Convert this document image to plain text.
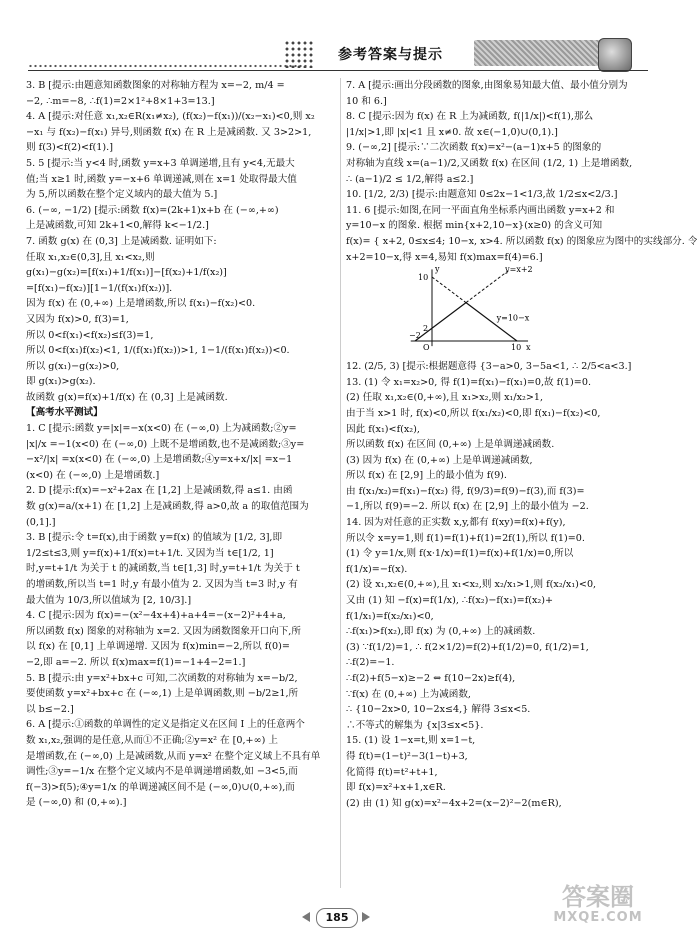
参考答案与提示
3. B [提示:由题意知函数图象的对称轴方程为 x=−2, m/4 =
−2, ∴m=−8, ∴f(1)=2×1²+8×1+3=13.]
4. A [提示:对任意 x₁,x₂∈R(x₁≠x₂), (f(x₂)−f(x₁))/(x₂−x₁)<0,则 x₂
−x₁ 与 f(x₂)−f(x₁) 异号,则函数 f(x) 在 R 上是减函数. 又 3>2>1,
则 f(3)<f(2)<f(1).]
5. 5 [提示:当 y<4 时,函数 y=x+3 单调递增,且有 y<4,无最大
值;当 x≥1 时,函数 y=−x+6 单调递减,则在 x=1 处取得最大值
为 5,所以函数在整个定义域内的最大值为 5.]
6. (−∞, −1/2) [提示:函数 f(x)=(2k+1)x+b 在 (−∞,+∞)
上是减函数,可知 2k+1<0,解得 k<−1/2.]
7. 函数 g(x) 在 (0,3] 上是减函数. 证明如下:
任取 x₁,x₂∈(0,3],且 x₁<x₂,则
g(x₁)−g(x₂)=[f(x₁)+1/f(x₁)]−[f(x₂)+1/f(x₂)]
=[f(x₁)−f(x₂)][1−1/(f(x₁)f(x₂))].
因为 f(x) 在 (0,+∞) 上是增函数,所以 f(x₁)−f(x₂)<0.
又因为 f(x)>0, f(3)=1,
所以 0<f(x₁)<f(x₂)≤f(3)=1,
所以 0<f(x₁)f(x₂)<1, 1/(f(x₁)f(x₂))>1, 1−1/(f(x₁)f(x₂))<0.
所以 g(x₁)−g(x₂)>0,
即 g(x₁)>g(x₂).
故函数 g(x)=f(x)+1/f(x) 在 (0,3] 上是减函数.
【高考水平测试】
1. C [提示:函数 y=|x|=−x(x<0) 在 (−∞,0) 上为减函数;②y=
|x|/x =−1(x<0) 在 (−∞,0) 上既不是增函数,也不是减函数;③y=
−x²/|x| =x(x<0) 在 (−∞,0) 上是增函数;④y=x+x/|x| =x−1
(x<0) 在 (−∞,0) 上是增函数.]
2. D [提示:f(x)=−x²+2ax 在 [1,2] 上是减函数,得 a≤1. 由函
数 g(x)=a/(x+1) 在 [1,2] 上是减函数,得 a>0,故 a 的取值范围为
(0,1].]
3. B [提示:令 t=f(x),由于函数 y=f(x) 的值域为 [1/2, 3],即
1/2≤t≤3,则 y=f(x)+1/f(x)=t+1/t. 又因为当 t∈[1/2, 1]
时,y=t+1/t 为关于 t 的减函数,当 t∈[1,3] 时,y=t+1/t 为关于 t
的增函数,所以当 t=1 时,y 有最小值为 2. 又因为当 t=3 时,y 有
最大值为 10/3,所以值域为 [2, 10/3].]
4. C [提示:因为 f(x)=−(x²−4x+4)+a+4=−(x−2)²+4+a,
所以函数 f(x) 图象的对称轴为 x=2. 又因为函数图象开口向下,所
以 f(x) 在 [0,1] 上单调递增. 又因为 f(x)min=−2,所以 f(0)=
−2,即 a=−2. 所以 f(x)max=f(1)=−1+4−2=1.]
5. B [提示:由 y=x²+bx+c 可知,二次函数的对称轴为 x=−b/2,
要使函数 y=x²+bx+c 在 (−∞,1) 上是单调函数,则 −b/2≥1,所
以 b≤−2.]
6. A [提示:①函数的单调性的定义是指定义在区间 I 上的任意两个
数 x₁,x₂,强调的是任意,从而①不正确;②y=x² 在 [0,+∞) 上
是增函数,在 (−∞,0) 上是减函数,从而 y=x² 在整个定义域上不具有单
调性;③y=−1/x 在整个定义域内不是单调递增函数,如 −3<5,而
f(−3)>f(5);④y=1/x 的单调递减区间不是 (−∞,0)∪(0,+∞),而
是 (−∞,0) 和 (0,+∞).]
7. A [提示:画出分段函数的图象,由图象易知最大值、最小值分别为
10 和 6.]
8. C [提示:因为 f(x) 在 R 上为减函数, f(|1/x|)<f(1),那么
|1/x|>1,即 |x|<1 且 x≠0. 故 x∈(−1,0)∪(0,1).]
9. (−∞,2] [提示:∵二次函数 f(x)=x²−(a−1)x+5 的图象的
对称轴为直线 x=(a−1)/2,又函数 f(x) 在区间 (1/2, 1) 上是增函数,
∴ (a−1)/2 ≤ 1/2,解得 a≤2.]
10. [1/2, 2/3) [提示:由题意知 0≤2x−1<1/3,故 1/2≤x<2/3.]
11. 6 [提示:如图,在同一平面直角坐标系内画出函数 y=x+2 和
y=10−x 的图象. 根据 min{x+2,10−x}(x≥0) 的含义可知
f(x)= { x+2, 0≤x≤4; 10−x, x>4. 所以函数 f(x) 的图象应为图中的实线部分. 令
x+2=10−x,得 x=4,易知 f(x)max=f(4)=6.]
y=x+2
y=10−x
10
2
−2
O	x
y
10
12. (2/5, 3) [提示:根据题意得 {3−a>0, 3−5a<1, ∴ 2/5<a<3.]
13. (1) 令 x₁=x₂>0, 得 f(1)=f(x₁)−f(x₁)=0,故 f(1)=0.
(2) 任取 x₁,x₂∈(0,+∞),且 x₁>x₂,则 x₁/x₂>1,
由于当 x>1 时, f(x)<0,所以 f(x₁/x₂)<0,即 f(x₁)−f(x₂)<0,
因此 f(x₁)<f(x₂),
所以函数 f(x) 在区间 (0,+∞) 上是单调递减函数.
(3) 因为 f(x) 在 (0,+∞) 上是单调递减函数,
所以 f(x) 在 [2,9] 上的最小值为 f(9).
由 f(x₁/x₂)=f(x₁)−f(x₂) 得, f(9/3)=f(9)−f(3),而 f(3)=
−1,所以 f(9)=−2. 所以 f(x) 在 [2,9] 上的最小值为 −2.
14. 因为对任意的正实数 x,y,都有 f(xy)=f(x)+f(y),
所以令 x=y=1,则 f(1)=f(1)+f(1)=2f(1),所以 f(1)=0.
(1) 令 y=1/x,则 f(x·1/x)=f(1)=f(x)+f(1/x)=0,所以
f(1/x)=−f(x).
(2) 设 x₁,x₂∈(0,+∞),且 x₁<x₂,则 x₂/x₁>1,则 f(x₂/x₁)<0,
又由 (1) 知 −f(x)=f(1/x), ∴f(x₂)−f(x₁)=f(x₂)+
f(1/x₁)=f(x₂/x₁)<0,
∴f(x₁)>f(x₂),即 f(x) 为 (0,+∞) 上的减函数.
(3) ∵f(1/2)=1, ∴ f(2×1/2)=f(2)+f(1/2)=0, f(1/2)=1,
∴f(2)=−1.
∴f(2)+f(5−x)≥−2 ⇔ f(10−2x)≥f(4),
∵f(x) 在 (0,+∞) 上为减函数,
∴ {10−2x>0, 10−2x≤4,} 解得 3≤x<5.
∴不等式的解集为 {x|3≤x<5}.
15. (1) 设 1−x=t,则 x=1−t,
得 f(t)=(1−t)²−3(1−t)+3,
化简得 f(t)=t²+t+1,
即 f(x)=x²+x+1,x∈R.
(2) 由 (1) 知 g(x)=x²−4x+2=(x−2)²−2(m∈R),
185
答案圈
MXQE.COM
